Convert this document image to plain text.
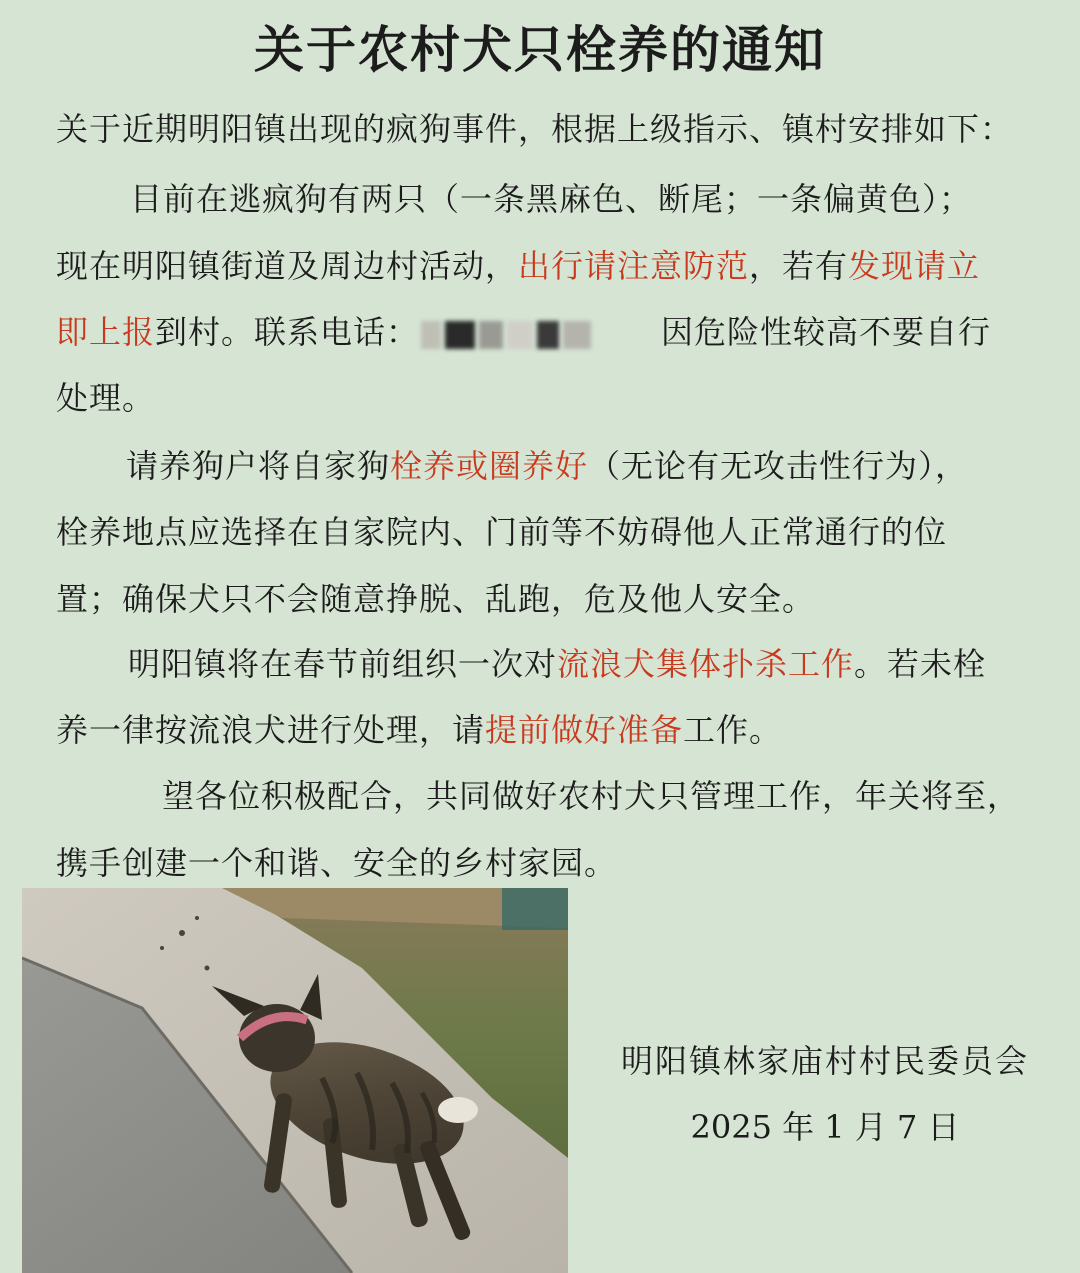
关于农村犬只栓养的通知
关于近期明阳镇出现的疯狗事件，根据上级指示、镇村安排如下：
目前在逃疯狗有两只（一条黑麻色、断尾；一条偏黄色）；
现在明阳镇街道及周边村活动，出行请注意防范，若有发现请立
即上报到村。联系电话：	因危险性较高不要自行
处理。
请养狗户将自家狗栓养或圈养好（无论有无攻击性行为），
栓养地点应选择在自家院内、门前等不妨碍他人正常通行的位
置；确保犬只不会随意挣脱、乱跑，危及他人安全。
明阳镇将在春节前组织一次对流浪犬集体扑杀工作。若未栓
养一律按流浪犬进行处理，请提前做好准备工作。
望各位积极配合，共同做好农村犬只管理工作，年关将至，
携手创建一个和谐、安全的乡村家园。
明阳镇林家庙村村民委员会
2025 年 1 月 7 日
